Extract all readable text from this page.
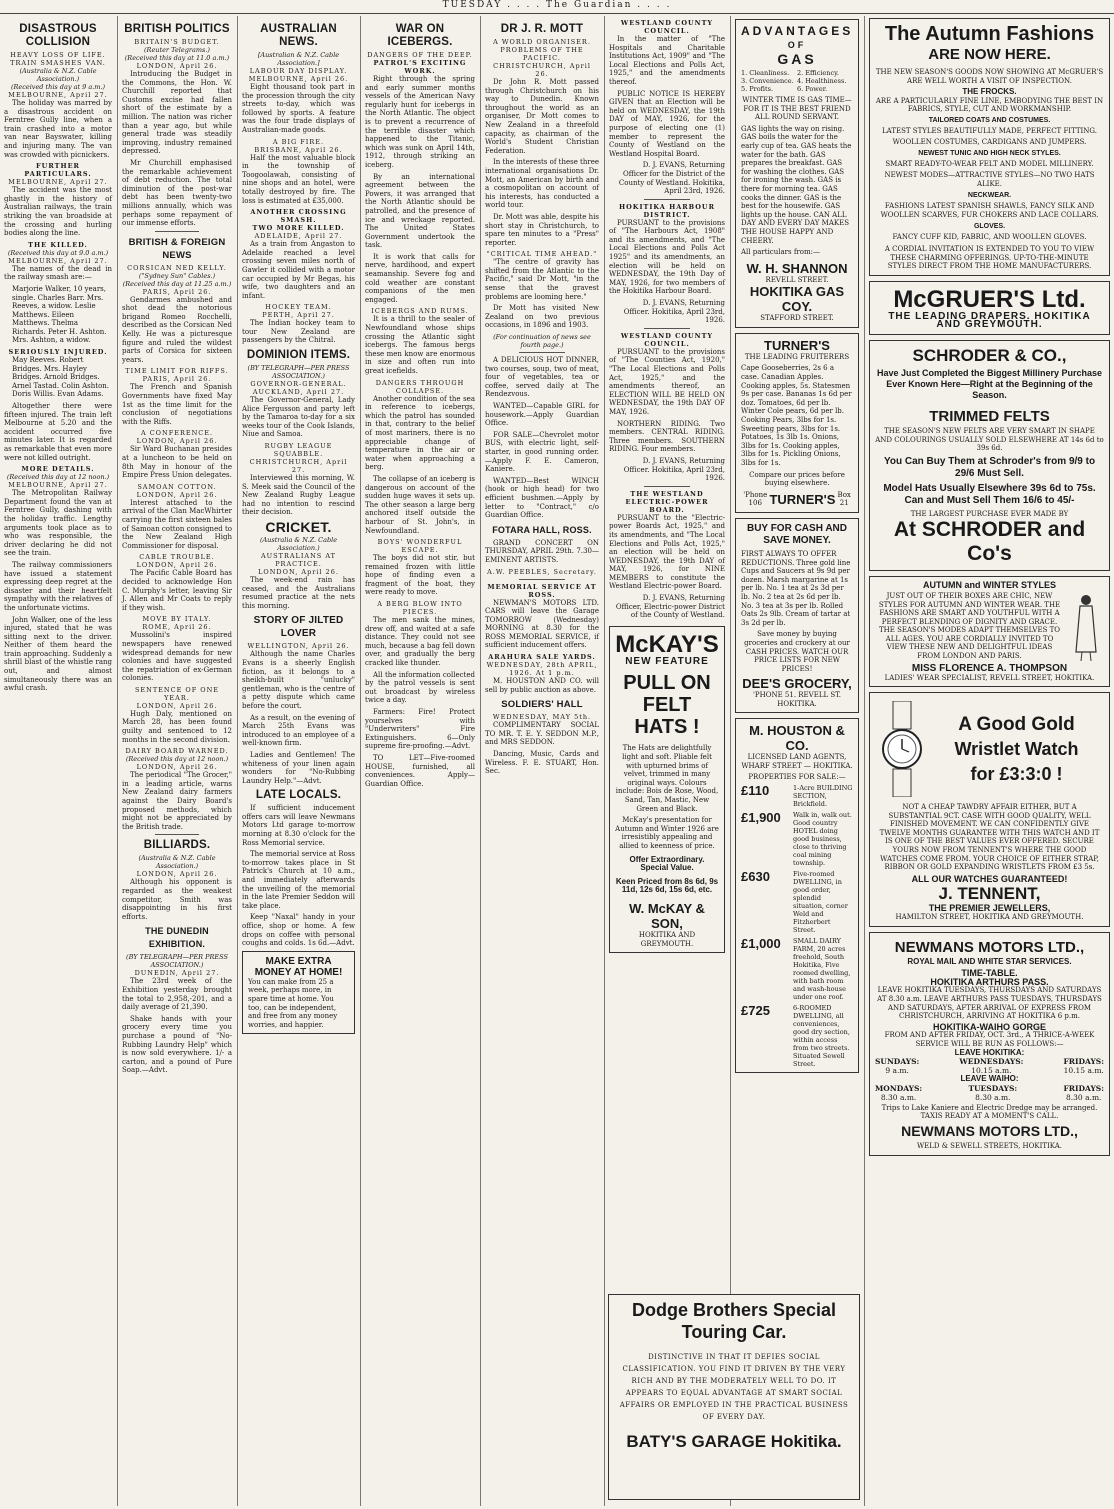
TUESDAY . . . . The Guardian . . . .
DISASTROUS COLLISION
HEAVY LOSS OF LIFE.
TRAIN SMASHES VAN.
(Australia & N.Z. Cable Association.)
(Received this day at 9 a.m.)
MELBOURNE, April 27.

The holiday was marred by a disastrous accident on Ferntree Gully line, when a train crashed into a motor van near Bayswater, killing and injuring many. The van was crowded with picnickers.

FURTHER PARTICULARS.
MELBOURNE, April 27.

The accident was the most ghastly in the history of Australian railways, the train striking the van broadside at the crossing and hurling bodies along the line.

THE KILLED.
(Received this day at 9.0 a.m.)
MELBOURNE, April 27.

The names of the dead in the railway smash are:—

Marjorie Walker, 10 years, single. Charles Barr. Mrs. Reeves, a widow. Leslie Matthews. Eileen Matthews. Thelma Richards. Peter H. Ashton. Mrs. Ashton, a widow.

SERIOUSLY INJURED.

May Reeves. Robert Bridges. Mrs. Hayley Bridges. Arnold Bridges. Arnel Tastad. Colin Ashton. Doris Willis. Evan Adams.

Altogether there were fifteen injured. The train left Melbourne at 5.20 and the accident occurred five minutes later. It is regarded as remarkable that even more were not killed outright.

MORE DETAILS.
(Received this day at 12 noon.)
MELBOURNE, April 27.

The Metropolitan Railway Department found the van at Ferntree Gully, dashing with the holiday traffic. Lengthy arguments took place as to who was responsible, the driver declaring he did not see the train.

The railway commissioners have issued a statement expressing deep regret at the disaster and their heartfelt sympathy with the relatives of the unfortunate victims.

John Walker, one of the less injured, stated that he was sitting next to the driver. Neither of them heard the train approaching. Suddenly a shrill blast of the whistle rang out, and almost simultaneously there was an awful crash.

BRITISH POLITICS
BRITAIN'S BUDGET.
(Reuter Telegrams.)
(Received this day at 11.0 a.m.)
LONDON, April 26.

Introducing the Budget in the Commons, the Hon. W. Churchill reported that Customs excise had fallen short of the estimate by a million. The nation was richer than a year ago, but while general trade was steadily improving, industry remained depressed.

Mr Churchill emphasised the remarkable achievement of debt reduction. The total diminution of the post-war debt has been twenty-two millions annually, which was perhaps some repayment of our immense efforts.

BRITISH & FOREIGN NEWS
CORSICAN NED KELLY.
("Sydney Sun" Cables.)
(Received this day at 11.25 a.m.)
PARIS, April 26.

Gendarmes ambushed and shot dead the notorious brigand Romeo Rocchelli, described as the Corsican Ned Kelly. He was a picturesque figure and ruled the wildest parts of Corsica for sixteen years.

TIME LIMIT FOR RIFFS.
PARIS, April 26.

The French and Spanish Governments have fixed May 1st as the time limit for the conclusion of negotiations with the Riffs.

A CONFERENCE.
LONDON, April 26.

Sir Ward Buchanan presides at a luncheon to be held on 8th May in honour of the Empire Press Union delegates.

SAMOAN COTTON.
LONDON, April 26.

Interest attached to the arrival of the Clan MacWhirter carrying the first sixteen bales of Samoan cotton consigned to the New Zealand High Commissioner for disposal.

CABLE TROUBLE.
LONDON, April 26.

The Pacific Cable Board has decided to acknowledge Hon C. Murphy's letter, leaving Sir J. Allen and Mr Coats to reply if they wish.

MOVE BY ITALY.
ROME, April 26.

Mussolini's inspired newspapers have renewed widespread demands for new colonies and have suggested the repatriation of ex-German colonies.

SENTENCE OF ONE YEAR.
LONDON, April 26.

Hugh Daly, mentioned on March 28, has been found guilty and sentenced to 12 months in the second division.

DAIRY BOARD WARNED.
(Received this day at 12 noon.)
LONDON, April 26.

The periodical "The Grocer," in a leading article, warns New Zealand dairy farmers against the Dairy Board's proposed methods, which might not be appreciated by the British trade.

BILLIARDS.
(Australia & N.Z. Cable Association.)
LONDON, April 26.

Although his opponent is regarded as the weakest competitor, Smith was disappointing in his first efforts.

THE DUNEDIN EXHIBITION.
(BY TELEGRAPH—PER PRESS ASSOCIATION.)
DUNEDIN, April 27.

The 23rd week of the Exhibition yesterday brought the total to 2,958,-201, and a daily average of 21,390.

Shake hands with your grocery every time you purchase a pound of "No-Rubbing Laundry Help" which is now sold everywhere. 1/- a carton, and a pound of Pure Soap.—Advt.

AUSTRALIAN NEWS.
[Australian & N.Z. Cable Association.]
LABOUR DAY DISPLAY.
MELBOURNE, April 26.

Eight thousand took part in the procession through the city streets to-day, which was followed by sports. A feature was the four trade displays of Australian-made goods.

A BIG FIRE.
BRISBANE, April 26.

Half the most valuable block in the township of Toogoolawah, consisting of nine shops and an hotel, were totally destroyed by fire. The loss is estimated at £35,000.

ANOTHER CROSSING SMASH.
TWO MORE KILLED.
ADELAIDE, April 27.

As a train from Angaston to Adelaide reached a level crossing seven miles north of Gawler it collided with a motor car occupied by Mr Begas, his wife, two daughters and an infant.

HOCKEY TEAM.
PERTH, April 27.

The Indian hockey team to tour New Zealand are passengers by the Chitral.

DOMINION ITEMS.
(BY TELEGRAPH—PER PRESS ASSOCIATION.)
GOVERNOR-GENERAL.
AUCKLAND, April 27.

The Governor-General, Lady Alice Fergusson and party left by the Tamaroa to-day for a six weeks tour of the Cook Islands, Niue and Samoa.

RUGBY LEAGUE SQUABBLE.
CHRISTCHURCH, April 27.

Interviewed this morning, W. S. Meek said the Council of the New Zealand Rugby League had no intention to rescind their decision.

CRICKET.
(Australia & N.Z. Cable Association.)
AUSTRALIANS AT PRACTICE.
LONDON, April 26.

The week-end rain has ceased, and the Australians resumed practice at the nets this morning.

STORY OF JILTED LOVER
WELLINGTON, April 26.

Although the name Charles Evans is a sheerly English fiction, as it belongs to a sheikh-built "unlucky" gentleman, who is the centre of a petty dispute which came before the court.

As a result, on the evening of March 25th Evans was introduced to an employee of a well-known firm.

Ladies and Gentlemen! The whiteness of your linen again wonders for "No-Rubbing Laundry Help."—Advt.

LATE LOCALS.

If sufficient inducement offers cars will leave Newmans Motors Ltd garage to-morrow morning at 8.30 o'clock for the Ross Memorial service.

The memorial service at Ross to-morrow takes place in St Patrick's Church at 10 a.m., and immediately afterwards the unveiling of the memorial in the late Premier Seddon will take place.

Keep "Naxal" handy in your office, shop or home. A few drops on coffee with personal coughs and colds. 1s 6d.—Advt.

MAKE EXTRA MONEY AT HOME!
You can make from 25 a week, perhaps more, in spare time at home. You too, can be independent, and free from any money worries, and happier.
WAR ON ICEBERGS.
DANGERS OF THE DEEP.
PATROL'S EXCITING WORK.

Right through the spring and early summer months vessels of the American Navy regularly hunt for icebergs in the North Atlantic. The object is to prevent a recurrence of the terrible disaster which happened to the Titanic, which was sunk on April 14th, 1912, through striking an iceberg.

By an international agreement between the Powers, it was arranged that the North Atlantic should be patrolled, and the presence of ice and wreckage reported. The United States Government undertook the task.

It is work that calls for nerve, hardihood, and expert seamanship. Severe fog and cold weather are constant companions of the men engaged.

ICEBERGS AND RUMS.

It is a thrill to the sealer of Newfoundland whose ships crossing the Atlantic sight icebergs. The famous bergs these men know are enormous in size and often run into great icefields.

DANGERS THROUGH COLLAPSE.

Another condition of the sea in reference to icebergs, which the patrol has sounded in that, contrary to the belief of most mariners, there is no appreciable change of temperature in the air or water when approaching a berg.

The collapse of an iceberg is dangerous on account of the sudden huge waves it sets up. The other season a large berg anchored itself outside the harbour of St. John's, in Newfoundland.

BOYS' WONDERFUL ESCAPE.

The boys did not stir, but remained frozen with little hope of finding even a fragment of the boat, they were ready to move.

A BERG BLOW INTO PIECES.

The men sank the mines, drew off, and waited at a safe distance. They could not see much, because a bag fell down over, and gradually the berg cracked like thunder.

All the information collected by the patrol vessels is sent out broadcast by wireless twice a day.

Farmers: Fire! Protect yourselves with "Underwriters" Fire Extinguishers. 6—Only supreme fire-proofing.—Advt.

TO LET—Five-roomed HOUSE, furnished, all conveniences. Apply—Guardian Office.

DR J. R. MOTT
A WORLD ORGANISER.
PROBLEMS OF THE PACIFIC.
CHRISTCHURCH, April 26.

Dr John R. Mott passed through Christchurch on his way to Dunedin. Known throughout the world as an organiser, Dr Mott comes to New Zealand in a threefold capacity, as chairman of the World's Student Christian Federation.

In the interests of these three international organisations Dr. Mott, an American by birth and a cosmopolitan on account of his interests, has conducted a world tour.

Dr. Mott was able, despite his short stay in Christchurch, to spare ten minutes to a "Press" reporter.

"CRITICAL TIME AHEAD."

"The centre of gravity has shifted from the Atlantic to the Pacific," said Dr Mott, "in the sense that the gravest problems are looming here."

Dr Mott has visited New Zealand on two previous occasions, in 1896 and 1903.

(For continuation of news see fourth page.)

A DELICIOUS HOT DINNER, two courses, soup, two of meat, four of vegetables, tea or coffee, served daily at The Rendezvous.

WANTED—Capable GIRL for housework.—Apply Guardian Office.

FOR SALE—Chevrolet motor BUS, with electric light, self-starter, in good running order.—Apply F. E. Cameron, Kaniere.

WANTED—Best WINCH (hook or high head) for two efficient bushmen.—Apply by letter to "Contract," c/o Guardian Office.

FOTARA HALL, ROSS.

GRAND CONCERT ON THURSDAY, APRIL 29th. 7.30—EMINENT ARTISTS.

A.W. PEEBLES, Secretary.
MEMORIAL SERVICE AT ROSS.

NEWMAN'S MOTORS LTD. CARS will leave the Garage TOMORROW (Wednesday) MORNING at 8.30 for the ROSS MEMORIAL SERVICE, if sufficient inducement offers.

ARAHURA SALE YARDS.
WEDNESDAY, 28th APRIL, 1926. At 1 p.m.

M. HOUSTON AND CO. will sell by public auction as above.

SOLDIERS' HALL
WEDNESDAY, MAY 5th.

COMPLIMENTARY SOCIAL TO MR. T. E. Y. SEDDON M.P., and MRS SEDDON.

Dancing, Music, Cards and Wireless. F. E. STUART, Hon. Sec.

WESTLAND COUNTY COUNCIL.

In the matter of "The Hospitals and Charitable Institutions Act, 1909" and "The Local Elections and Polls Act, 1925," and the amendments thereof.

PUBLIC NOTICE IS HEREBY GIVEN that an Election will be held on WEDNESDAY, the 19th DAY of MAY, 1926, for the purpose of electing one (1) member to represent the County of Westland on the Westland Hospital Board.

D. J. EVANS, Returning Officer for the District of the County of Westland. Hokitika, April 23rd, 1926.

HOKITIKA HARBOUR DISTRICT.

PURSUANT to the provisions of "The Harbours Act, 1908" and its amendments, and "The Local Elections and Polls Act 1925" and its amendments, an election will be held on WEDNESDAY, the 19th Day of MAY, 1926, for two members of the Hokitika Harbour Board.

D. J. EVANS, Returning Officer. Hokitika, April 23rd, 1926.

WESTLAND COUNTY COUNCIL.

PURSUANT to the provisions of "The Counties Act, 1920," "The Local Elections and Polls Act, 1925," and the amendments thereof, an ELECTION WILL BE HELD ON WEDNESDAY, the 19th DAY OF MAY, 1926.

NORTHERN RIDING. Two members. CENTRAL RIDING. Three members. SOUTHERN RIDING. Four members.

D. J. EVANS, Returning Officer. Hokitika, April 23rd, 1926.

THE WESTLAND ELECTRIC-POWER BOARD.

PURSUANT to the "Electric-power Boards Act, 1925," and its amendments, and "The Local Elections and Polls Act, 1925," an election will be held on WEDNESDAY, the 19th DAY of MAY, 1926, for NINE MEMBERS to constitute the Westland Electric-power Board.

D. J. EVANS, Returning Officer, Electric-power District of the County of Westland.

McKAY'S
NEW FEATURE
PULL ON FELT HATS !
The Hats are delightfully light and soft. Pliable felt with upturned brims of velvet, trimmed in many original ways. Colours include: Bois de Rose, Wood, Sand, Tan, Mastic, New Green and Black.
McKay's presentation for Autumn and Winter 1926 are irresistibly appealing and allied to keenness of price.
Offer Extraordinary. Special Value.
Keen Priced from 8s 6d, 9s 11d, 12s 6d, 15s 6d, etc.
W. McKAY & SON,
HOKITIKA AND GREYMOUTH.
ADVANTAGES
OF
GAS
1. Cleanliness.	2. Efficiency.
3. Convenience. 4. Healthiness.
5. Profits.	6. Power.
WINTER TIME IS GAS TIME—FOR IT IS THE BEST FRIEND ALL ROUND SERVANT.
GAS lights the way on rising. GAS boils the water for the early cup of tea. GAS heats the water for the bath. GAS prepares the breakfast. GAS for washing the clothes. GAS for ironing the wash. GAS is there for morning tea. GAS cooks the dinner. GAS is the best for the housewife. GAS lights up the house. CAN ALL DAY AND EVERY DAY MAKES THE HOUSE HAPPY AND CHEERY.
All particulars from:—
W. H. SHANNON
REVELL STREET.
HOKITIKA GAS COY.
STAFFORD STREET.
TURNER'S
THE LEADING FRUITERERS
Cape Gooseberries, 2s 6 a case. Canadian Apples. Cooking apples, 5s. Statesmen 9s per case. Bananas 1s 6d per doz. Tomatoes, 6d per lb. Winter Cole pears, 6d per lb. Cooking Pears, 3lbs for 1s. Sweeting pears, 3lbs for 1s. Potatoes, 1s 3lb 1s. Onions, 3lbs for 1s. Cooking apples, 3lbs for 1s. Pickling Onions, 3lbs for 1s.
Compare our prices before buying elsewhere.
'Phone 106 TURNER'S Box 21
BUY FOR CASH AND SAVE MONEY.
FIRST ALWAYS TO OFFER REDUCTIONS. Three gold line Cups and Saucers at 9s 9d per dozen. Marsh margarine at 1s per lb. No. 1 tea at 2s 3d per lb. No. 2 tea at 2s 6d per lb. No. 3 tea at 3s per lb. Rolled Oats 2s 9lb. Cream of tartar at 3s 2d per lb.
Save money by buying groceries and crockery at our CASH PRICES. WATCH OUR PRICE LISTS FOR NEW PRICES!
DEE'S GROCERY,
'PHONE 51. REVELL ST. HOKITIKA.
M. HOUSTON & CO.
LICENSED LAND AGENTS,
WHARF STREET — HOKITIKA.
PROPERTIES FOR SALE:—
£110	1-Acre BUILDING SECTION, Brickfield.
£1,900	Walk in, walk out. Good country HOTEL doing good business, close to thriving coal mining township.
£630	Five-roomed DWELLING, in good order, splendid situation, corner Weld and Fitzherbert Street.
£1,000	SMALL DAIRY FARM, 20 acres freehold, South Hokitika, Five roomed dwelling, with bath room and wash-house under one roof.
£725	6-ROOMED DWELLING, all conveniences, good dry section, within access from two streets. Situated Sewell Street.
Dodge Brothers Special Touring Car.
DISTINCTIVE IN THAT IT DEFIES SOCIAL CLASSIFICATION. YOU FIND IT DRIVEN BY THE VERY RICH AND BY THE MODERATELY WELL TO DO. IT APPEARS TO EQUAL ADVANTAGE AT SMART SOCIAL AFFAIRS OR EMPLOYED IN THE PRACTICAL BUSINESS OF EVERY DAY.
BATY'S GARAGE Hokitika.
The Autumn Fashions
ARE NOW HERE.
THE NEW SEASON'S GOODS NOW SHOWING AT McGRUER'S ARE WELL WORTH A VISIT OF INSPECTION.
THE FROCKS.
ARE A PARTICULARLY FINE LINE, EMBODYING THE BEST IN FABRICS, STYLE, CUT AND WORKMANSHIP.
TAILORED COATS AND COSTUMES.
LATEST STYLES BEAUTIFULLY MADE, PERFECT FITTING.
WOOLLEN COSTUMES, CARDIGANS AND JUMPERS.
NEWEST TUNIC AND HIGH NECK STYLES.
SMART READY-TO-WEAR FELT AND MODEL MILLINERY.
NEWEST MODES—ATTRACTIVE STYLES—NO TWO HATS ALIKE.
NECKWEAR.
FASHIONS LATEST SPANISH SHAWLS, FANCY SILK AND WOOLLEN SCARVES, FUR CHOKERS AND LACE COLLARS.
GLOVES.
FANCY CUFF KID, FABRIC, AND WOOLLEN GLOVES.
A CORDIAL INVITATION IS EXTENDED TO YOU TO VIEW THESE CHARMING OFFERINGS. UP-TO-THE-MINUTE STYLES DIRECT FROM THE HOME MANUFACTURERS.
McGRUER'S Ltd.
THE LEADING DRAPERS. HOKITIKA AND GREYMOUTH.
SCHRODER & CO.,
Have Just Completed the Biggest Millinery Purchase Ever Known Here—Right at the Beginning of the Season.
TRIMMED FELTS
THE SEASON'S NEW FELTS ARE VERY SMART IN SHAPE AND COLOURINGS USUALLY SOLD ELSEWHERE AT 14s 6d to 39s 6d.
You Can Buy Them at Schroder's from 9/9 to 29/6 Must Sell.
Model Hats Usually Elsewhere 39s 6d to 75s. Can and Must Sell Them 16/6 to 45/-
THE LARGEST PURCHASE EVER MADE BY
At SCHRODER and Co's
AUTUMN and WINTER STYLES
JUST OUT OF THEIR BOXES ARE CHIC, NEW STYLES FOR AUTUMN AND WINTER WEAR. THE FASHIONS ARE SMART AND YOUTHFUL WITH A PERFECT BLENDING OF DIGNITY AND GRACE. THE SEASON'S MODES ADAPT THEMSELVES TO ALL AGES. YOU ARE CORDIALLY INVITED TO VIEW THESE NEW AND DELIGHTFUL IDEAS FROM LONDON AND PARIS.
MISS FLORENCE A. THOMPSON
LADIES' WEAR SPECIALIST, REVELL STREET, HOKITIKA.
A Good Gold
Wristlet Watch
for £3:3:0 !
NOT A CHEAP TAWDRY AFFAIR EITHER, BUT A SUBSTANTIAL 9CT. CASE WITH GOOD QUALITY, WELL FINISHED MOVEMENT. WE CAN CONFIDENTLY GIVE TWELVE MONTHS GUARANTEE WITH THIS WATCH AND IT IS ONE OF THE BEST VALUES EVER OFFERED. SECURE YOURS NOW FROM TENNENT'S WHERE THE GOOD WATCHES COME FROM. YOUR CHOICE OF EITHER STRAP, RIBBON OR GOLD EXPANDING WRISTLETS FROM £3 5s.
ALL OUR WATCHES GUARANTEED!
J. TENNENT,
THE PREMIER JEWELLERS,
HAMILTON STREET, HOKITIKA AND GREYMOUTH.
NEWMANS MOTORS LTD.,
ROYAL MAIL AND WHITE STAR SERVICES.
TIME-TABLE.
HOKITIKA ARTHURS PASS.
LEAVE HOKITIKA TUESDAYS, THURSDAYS AND SATURDAYS AT 8.30 a.m. LEAVE ARTHURS PASS TUESDAYS, THURSDAYS AND SATURDAYS, AFTER ARRIVAL OF EXPRESS FROM CHRISTCHURCH, ARRIVING AT HOKITIKA 6 p.m.
HOKITIKA-WAIHO GORGE
FROM AND AFTER FRIDAY, OCT. 3rd., A THRICE-A-WEEK SERVICE WILL BE RUN AS FOLLOWS:—
LEAVE HOKITIKA:
SUNDAYS:
9 a.m.
WEDNESDAYS:
10.15 a.m.
FRIDAYS:
10.15 a.m.
LEAVE WAIHO:
MONDAYS:
8.30 a.m.
TUESDAYS:
8.30 a.m.
FRIDAYS:
8.30 a.m.
Trips to Lake Kaniere and Electric Dredge may be arranged. TAXIS READY AT A MOMENT'S CALL.
NEWMANS MOTORS LTD.,
WELD & SEWELL STREETS, HOKITIKA.
